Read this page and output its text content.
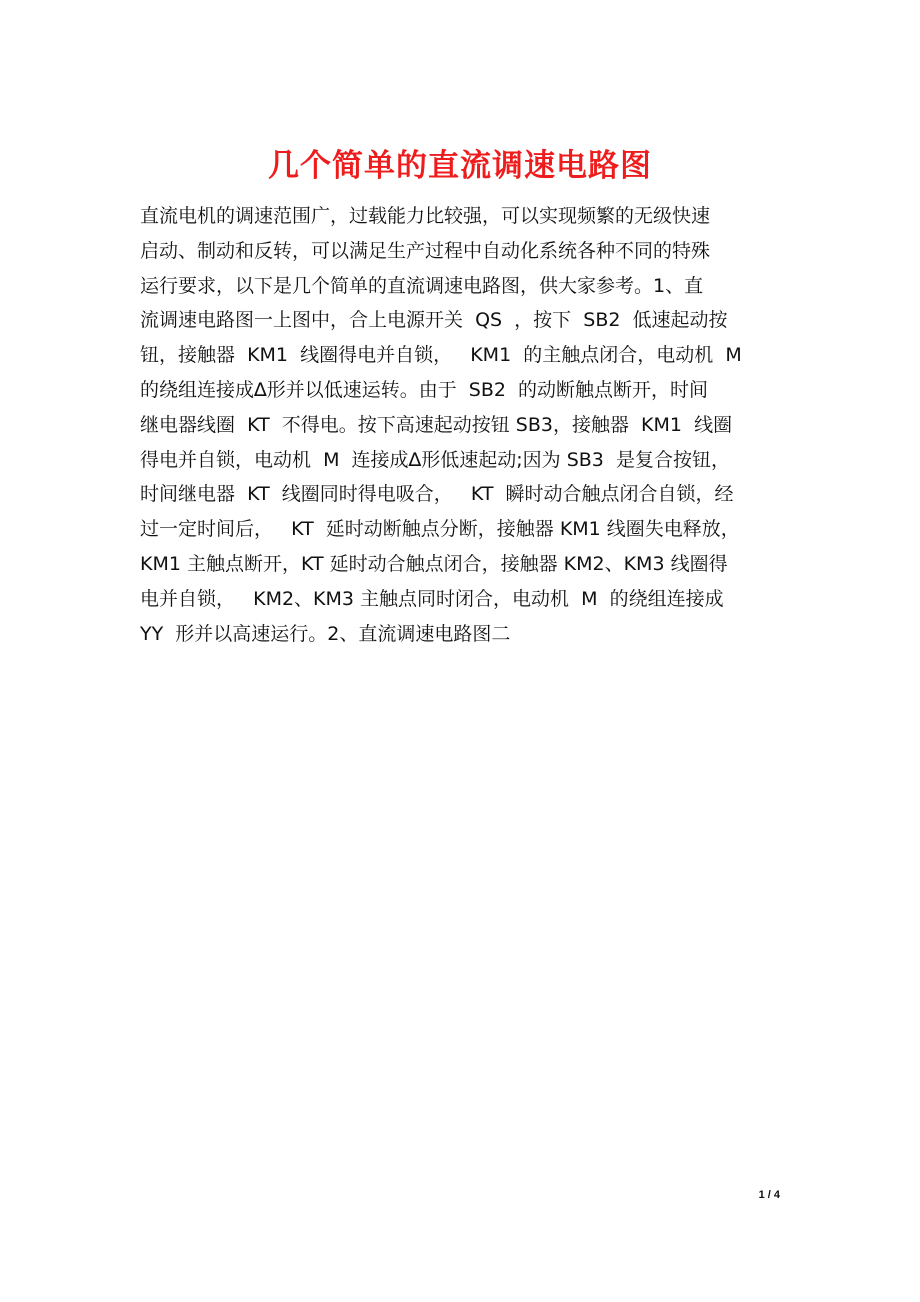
几个简单的直流调速电路图
直流电机的调速范围广，过载能力比较强，可以实现频繁的无级快速
启动、制动和反转，可以满足生产过程中自动化系统各种不同的特殊
运行要求，以下是几个简单的直流调速电路图，供大家参考。1、直
流调速电路图一上图中，合上电源开关  QS  ，按下  SB2  低速起动按
钮，接触器  KM1  线圈得电并自锁，   KM1  的主触点闭合，电动机  M
的绕组连接成∆形并以低速运转。由于  SB2  的动断触点断开，时间
继电器线圈  KT  不得电。按下高速起动按钮 SB3，接触器  KM1  线圈
得电并自锁，电动机  M  连接成∆形低速起动;因为 SB3  是复合按钮，
时间继电器  KT  线圈同时得电吸合，   KT  瞬时动合触点闭合自锁，经
过一定时间后，   KT  延时动断触点分断，接触器 KM1 线圈失电释放，
KM1 主触点断开，KT 延时动合触点闭合，接触器 KM2、KM3 线圈得
电并自锁，   KM2、KM3 主触点同时闭合，电动机  M  的绕组连接成
YY  形并以高速运行。2、直流调速电路图二
1 / 4
